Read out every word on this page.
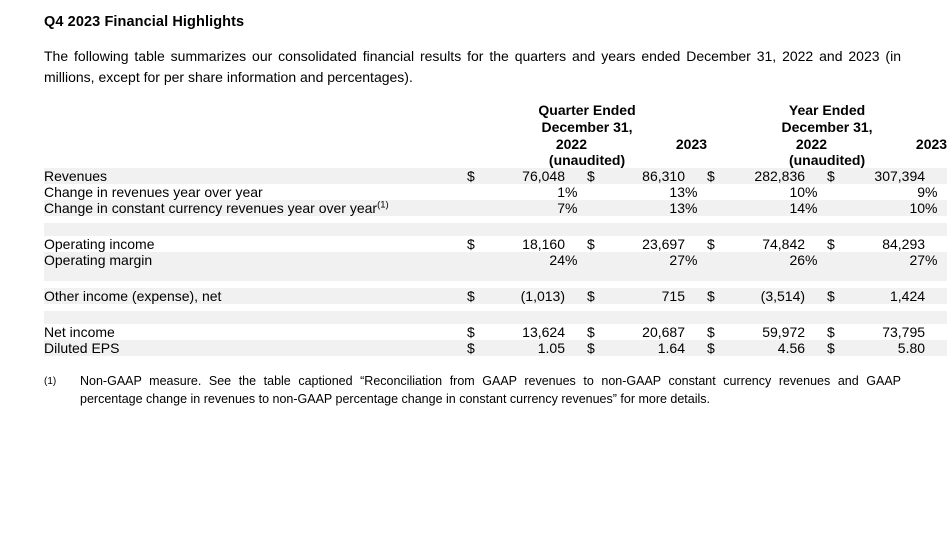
Q4 2023 Financial Highlights

The following table summarizes our consolidated financial results for the quarters and years ended December 31, 2022 and 2023 (in millions, except for per share information and percentages).

Quarter Ended
December 31,

Year Ended
December 31,

	2022			2023			2022			2023		
	(unaudited)						(unaudited)					
Revenues	$	76,048		$	86,310		$	282,836		$	307,394	
Change in revenues year over year		1	%		13	%		10	%		9	%
Change in constant currency revenues year over year$^{(1)}$		7	%		13	%		14	%		10	%

Operating income	$	18,160		$	23,697		$	74,842		$	84,293	
Operating margin		24	%		27	%		26	%		27	%

Other income (expense), net	$	(1,013)		$	715		$	(3,514)		$	1,424	

Net income	$	13,624		$	20,687		$	59,972		$	73,795	
Diluted EPS	$	1.05		$	1.64		$	4.56		$	5.80	
(1)	Non-GAAP measure. See the table captioned “Reconciliation from GAAP revenues to non-GAAP constant currency revenues and GAAP percentage change in revenues to non-GAAP percentage change in constant currency revenues” for more details.
